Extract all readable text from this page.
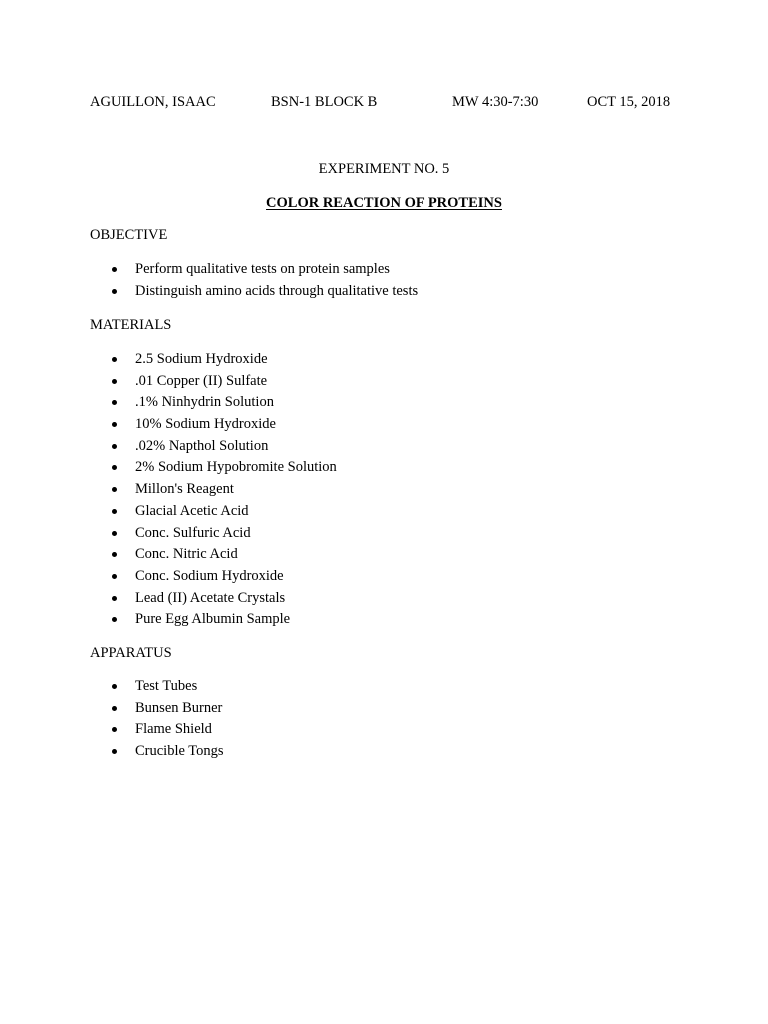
AGUILLON, ISAAC	BSN-1 BLOCK B	MW 4:30-7:30	OCT 15, 2018
EXPERIMENT NO. 5
COLOR REACTION OF PROTEINS
OBJECTIVE
Perform qualitative tests on protein samples
Distinguish amino acids through qualitative tests
MATERIALS
2.5 Sodium Hydroxide
.01 Copper (II) Sulfate
.1% Ninhydrin Solution
10% Sodium Hydroxide
.02% Napthol Solution
2% Sodium Hypobromite Solution
Millon's Reagent
Glacial Acetic Acid
Conc. Sulfuric Acid
Conc. Nitric Acid
Conc. Sodium Hydroxide
Lead (II) Acetate Crystals
Pure Egg Albumin Sample
APPARATUS
Test Tubes
Bunsen Burner
Flame Shield
Crucible Tongs
